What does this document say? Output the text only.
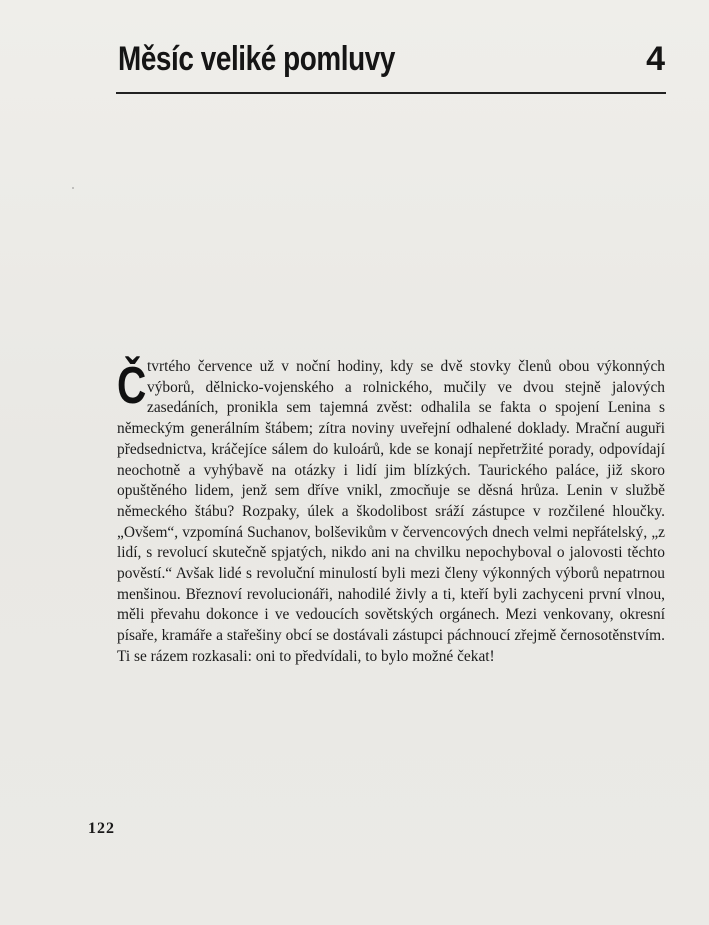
Měsíc veliké pomluvy	4
Čtvrtého července už v noční hodiny, kdy se dvě stovky členů obou výkonných výborů, dělnicko-vojenského a rolnického, mučily ve dvou stejně jalových zasedáních, pronikla sem tajemná zvěst: odhalila se fakta o spojení Lenina s německým generálním štábem; zítra noviny uveřejní odhalené doklady. Mrační auguři předsednictva, kráčejíce sálem do kuloárů, kde se konají nepřetržité porady, odpovídají neochotně a vyhýbavě na otázky i lidí jim blízkých. Taurického paláce, již skoro opuštěného lidem, jenž sem dříve vnikl, zmocňuje se děsná hrůza. Lenin v službě německého štábu? Rozpaky, úlek a škodolibost sráží zástupce v rozčilené hloučky. „Ovšem“, vzpomíná Suchanov, bolševikům v červencových dnech velmi nepřátelský, „z lidí, s revolucí skutečně spjatých, nikdo ani na chvilku nepochyboval o jalovosti těchto pověstí.“ Avšak lidé s revoluční minulostí byli mezi členy výkonných výborů nepatrnou menšinou. Březnoví revolucionáři, nahodilé živly a ti, kteří byli zachyceni první vlnou, měli převahu dokonce i ve vedoucích sovětských orgánech. Mezi venkovany, okresní písaře, kramáře a stařešiny obcí se dostávali zástupci páchnoucí zřejmě černosotěnstvím. Ti se rázem rozkasali: oni to předvídali, to bylo možné čekat!
122
